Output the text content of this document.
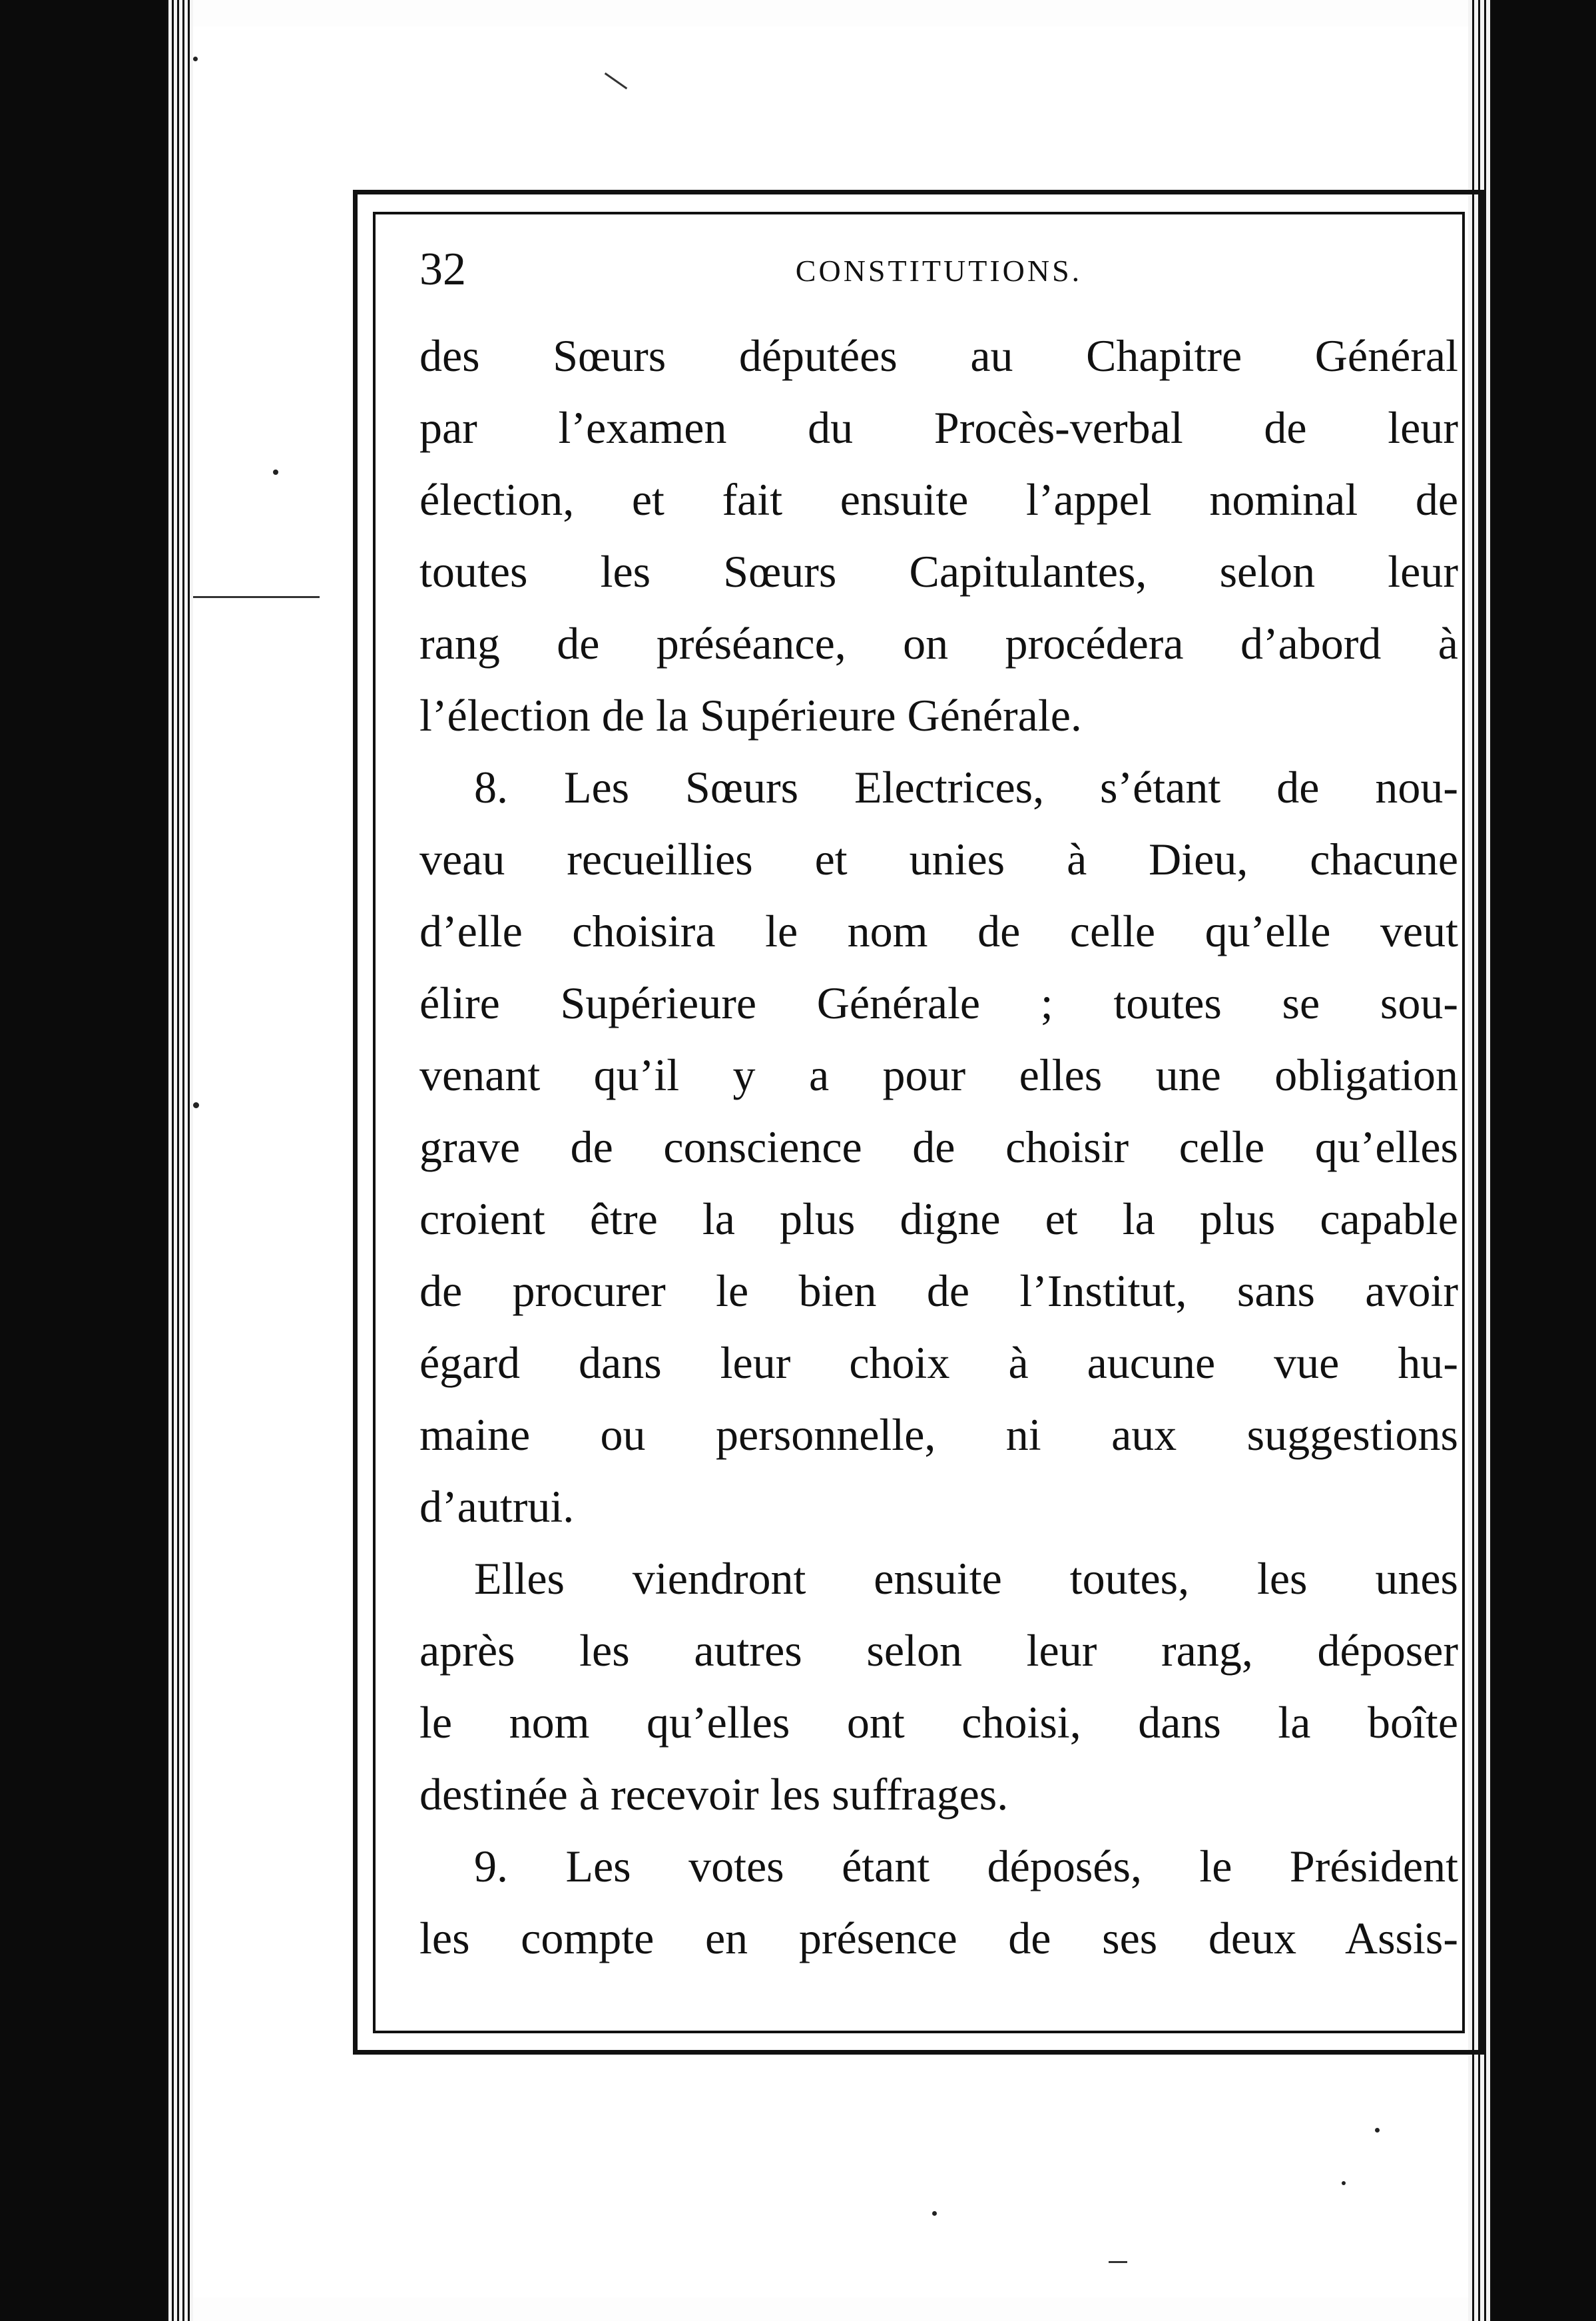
32	CONSTITUTIONS.
des Sœurs députées au Chapitre Général
par l’examen du Procès-verbal de leur
élection, et fait ensuite l’appel nominal de
toutes les Sœurs Capitulantes, selon leur
rang de préséance, on procédera d’abord à
l’élection de la Supérieure Générale.
8. Les Sœurs Electrices, s’étant de nou-
veau recueillies et unies à Dieu, chacune
d’elle choisira le nom de celle qu’elle veut
élire Supérieure Générale ; toutes se sou-
venant qu’il y a pour elles une obligation
grave de conscience de choisir celle qu’elles
croient être la plus digne et la plus capable
de procurer le bien de l’Institut, sans avoir
égard dans leur choix à aucune vue hu-
maine ou personnelle, ni aux suggestions
d’autrui.
Elles viendront ensuite toutes, les unes
après les autres selon leur rang, déposer
le nom qu’elles ont choisi, dans la boîte
destinée à recevoir les suffrages.
9. Les votes étant déposés, le Président
les compte en présence de ses deux Assis-
